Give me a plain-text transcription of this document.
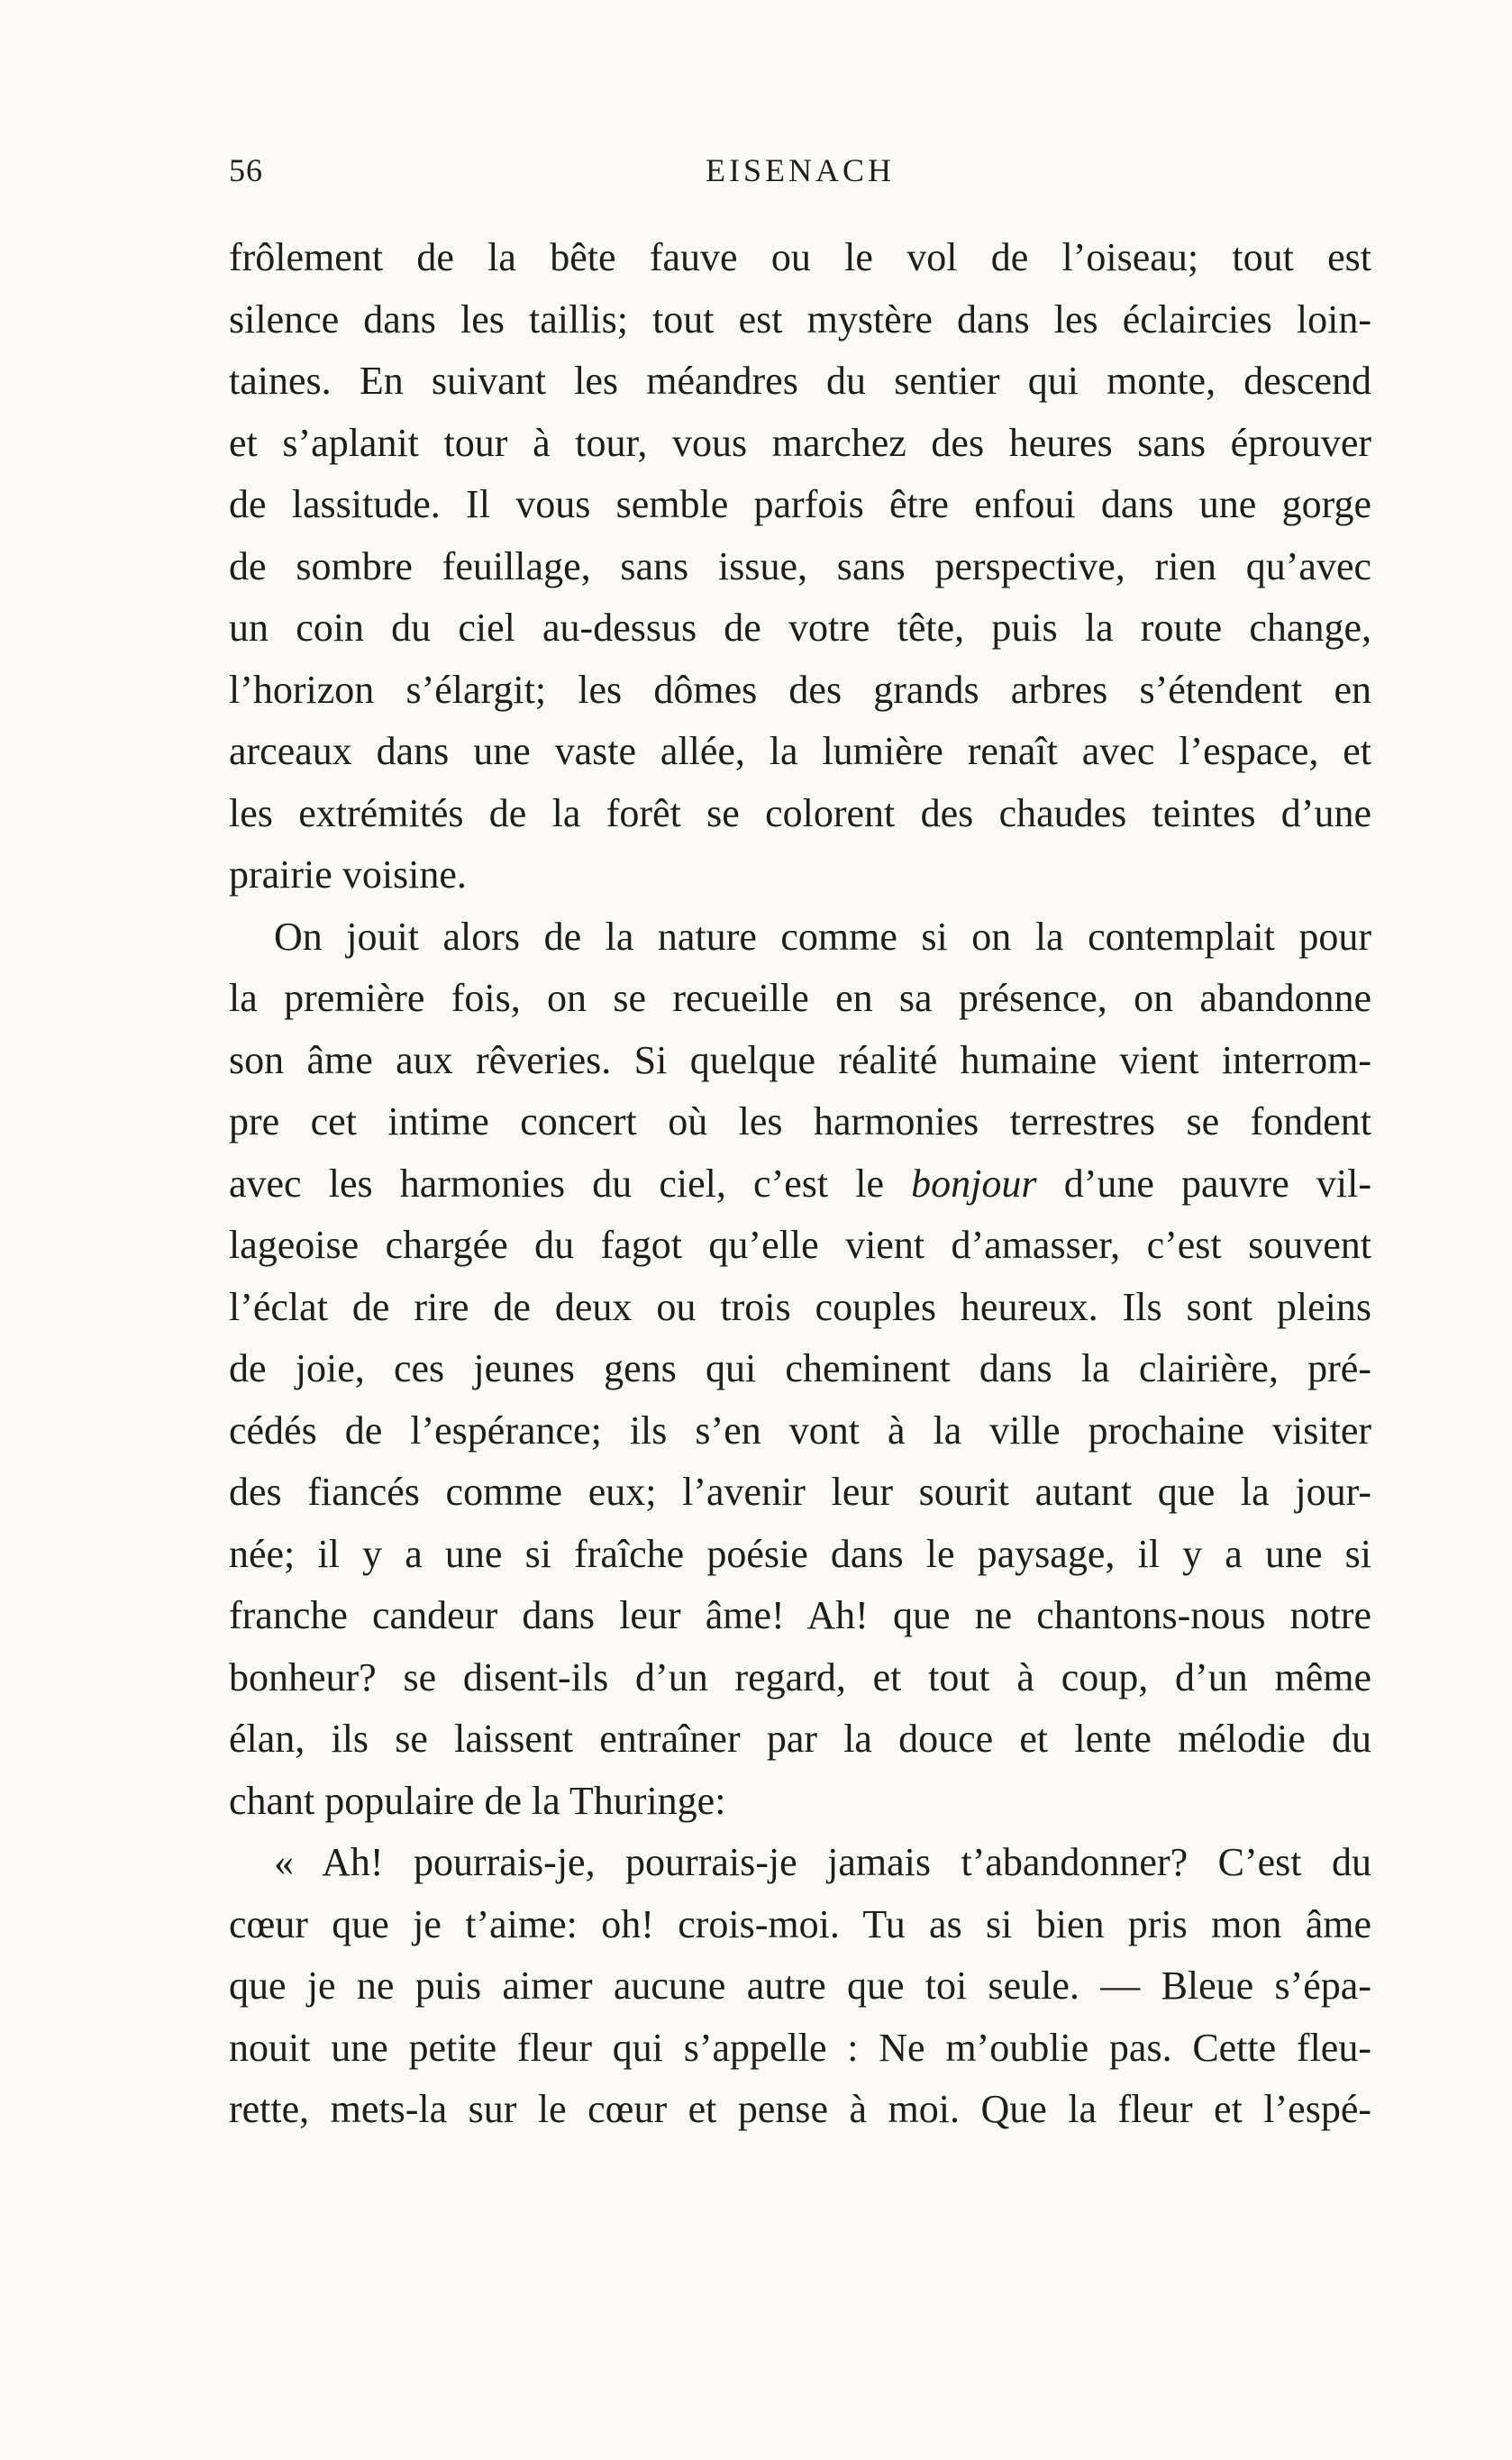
56	EISENACH
frôlement de la bête fauve ou le vol de l’oiseau; tout est
silence dans les taillis; tout est mystère dans les éclaircies loin-
taines. En suivant les méandres du sentier qui monte, descend
et s’aplanit tour à tour, vous marchez des heures sans éprouver
de lassitude. Il vous semble parfois être enfoui dans une gorge
de sombre feuillage, sans issue, sans perspective, rien qu’avec
un coin du ciel au-dessus de votre tête, puis la route change,
l’horizon s’élargit; les dômes des grands arbres s’étendent en
arceaux dans une vaste allée, la lumière renaît avec l’espace, et
les extrémités de la forêt se colorent des chaudes teintes d’une
prairie voisine.
On jouit alors de la nature comme si on la contemplait pour
la première fois, on se recueille en sa présence, on abandonne
son âme aux rêveries. Si quelque réalité humaine vient interrom-
pre cet intime concert où les harmonies terrestres se fondent
avec les harmonies du ciel, c’est le bonjour d’une pauvre vil-
lageoise chargée du fagot qu’elle vient d’amasser, c’est souvent
l’éclat de rire de deux ou trois couples heureux. Ils sont pleins
de joie, ces jeunes gens qui cheminent dans la clairière, pré-
cédés de l’espérance; ils s’en vont à la ville prochaine visiter
des fiancés comme eux; l’avenir leur sourit autant que la jour-
née; il y a une si fraîche poésie dans le paysage, il y a une si
franche candeur dans leur âme! Ah! que ne chantons-nous notre
bonheur? se disent-ils d’un regard, et tout à coup, d’un même
élan, ils se laissent entraîner par la douce et lente mélodie du
chant populaire de la Thuringe:
« Ah! pourrais-je, pourrais-je jamais t’abandonner? C’est du
cœur que je t’aime: oh! crois-moi. Tu as si bien pris mon âme
que je ne puis aimer aucune autre que toi seule. — Bleue s’épa-
nouit une petite fleur qui s’appelle : Ne m’oublie pas. Cette fleu-
rette, mets-la sur le cœur et pense à moi. Que la fleur et l’espé-
